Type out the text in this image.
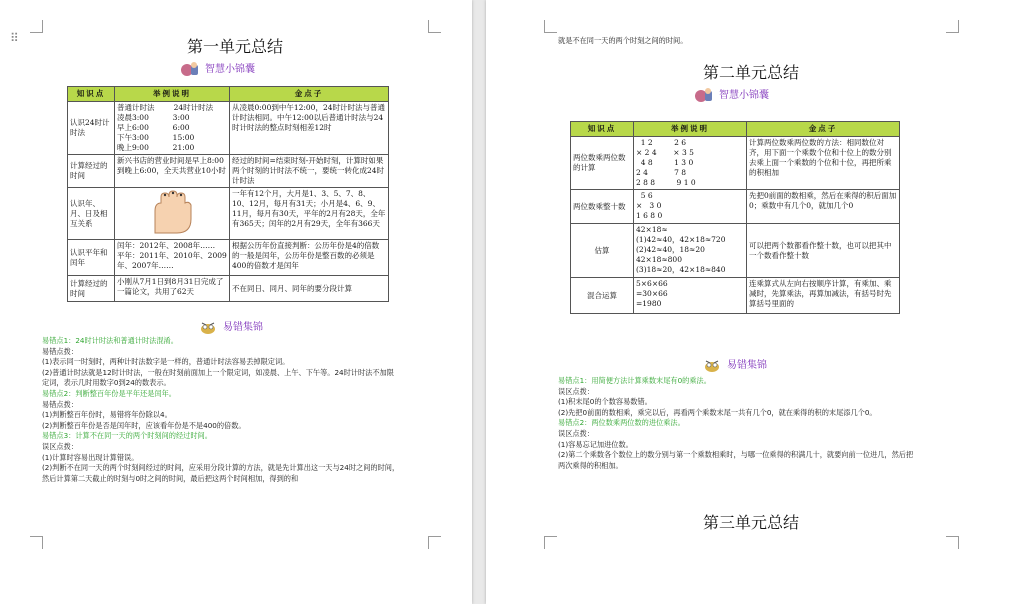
⠿	第一单元总结
智慧小锦囊
知识点	举例说明	金点子
认识24时计时法	普通计时法        24时计时法
凌晨3:00          3:00
早上6:00          6:00
下午3:00          15:00
晚上9:00          21:00	从凌晨0:00到中午12:00，24时计时法与普通计时法相同。中午12:00以后普通计时法与24时计时法的整点时刻相差12时
计算经过的时间	新兴书店的营业时间是早上8:00到晚上6:00，全天共营业10小时	经过的时间=结束时刻-开始时刻，计算时如果两个时刻的计时法不统一，要统一转化成24时计时法
认识年、月、日及相互关系		一年有12个月，大月是1、3、5、7、8、10、12月，每月有31天；小月是4、6、9、11月，每月有30天，平年的2月有28天，全年有365天；闰年的2月有29天，全年有366天
认识平年和闰年	闰年：2012年、2008年……
平年：2011年、2010年、2009年、2007年……	根据公历年份直接判断：公历年份是4的倍数的一般是闰年，公历年份是整百数的必须是400的倍数才是闰年
计算经过的时间	小刚从7月1日到8月31日完成了一篇论文，共用了62天	不在同日、同月、同年的要分段计算
易错集锦
易错点1：24时计时法和普通计时法混淆。
易错点拨：
(1)表示同一时刻时，两种计时法数字是一样的，普通计时法容易丢掉限定词。
(2)普通计时法就是12时计时法，一般在时刻前面加上一个限定词，如凌晨、上午、下午等。24时计时法不加限定词，表示几时用数字0到24的数表示。
易错点2：判断整百年份是平年还是闰年。
易错点拨：
(1)判断整百年份时，易错将年份除以4。
(2)判断整百年份是否是闰年时，应该看年份是不是400的倍数。
易错点3：计算不在同一天的两个时刻间的经过时间。
误区点拨：
(1)计算时容易出现计算错误。
(2)判断不在同一天的两个时刻间经过的时间，应采用分段计算的方法，就是先计算出这一天与24时之间的时间，然后计算第二天截止的时刻与0时之间的时间，最后把这两个时间相加，得到的和
就是不在同一天的两个时刻之间的时间。
第二单元总结
智慧小锦囊
知识点	举例说明	金点子
两位数乘两位数的计算	1 2         2 6
× 2 4       × 3 5
4 8         1 3 0
2 4           7 8
2 8 8         9 1 0	计算两位数乘两位数的方法：相同数位对齐，用下面一个乘数个位和十位上的数分别去乘上面一个乘数的个位和十位，再把所乘的积相加
两位数乘整十数	5 6
×   3 0
1 6 8 0	先把0前面的数相乘，然后在乘得的积后面加0；乘数中有几个0，就加几个0
估算	42×18≈
(1)42≈40，42×18≈720
(2)42≈40，18≈20
42×18≈800
(3)18≈20，42×18≈840	可以把两个数都看作整十数，也可以把其中一个数看作整十数
混合运算	5×6×66
=30×66
=1980	连乘算式从左向右按顺序计算，有乘加、乘减时，先算乘法，再算加减法，有括号时先算括号里面的
易错集锦
易错点1：用简便方法计算乘数末尾有0的乘法。
误区点拨：
(1)积末尾0的个数容易数错。
(2)先把0前面的数相乘，乘完以后，再看两个乘数末尾一共有几个0，就在乘得的积的末尾添几个0。
易错点2：两位数乘两位数的进位乘法。
误区点拨：
(1)容易忘记加进位数。
(2)第二个乘数各个数位上的数分别与第一个乘数相乘时，与哪一位乘得的积满几十，就要向前一位进几，然后把两次乘得的积相加。
第三单元总结
